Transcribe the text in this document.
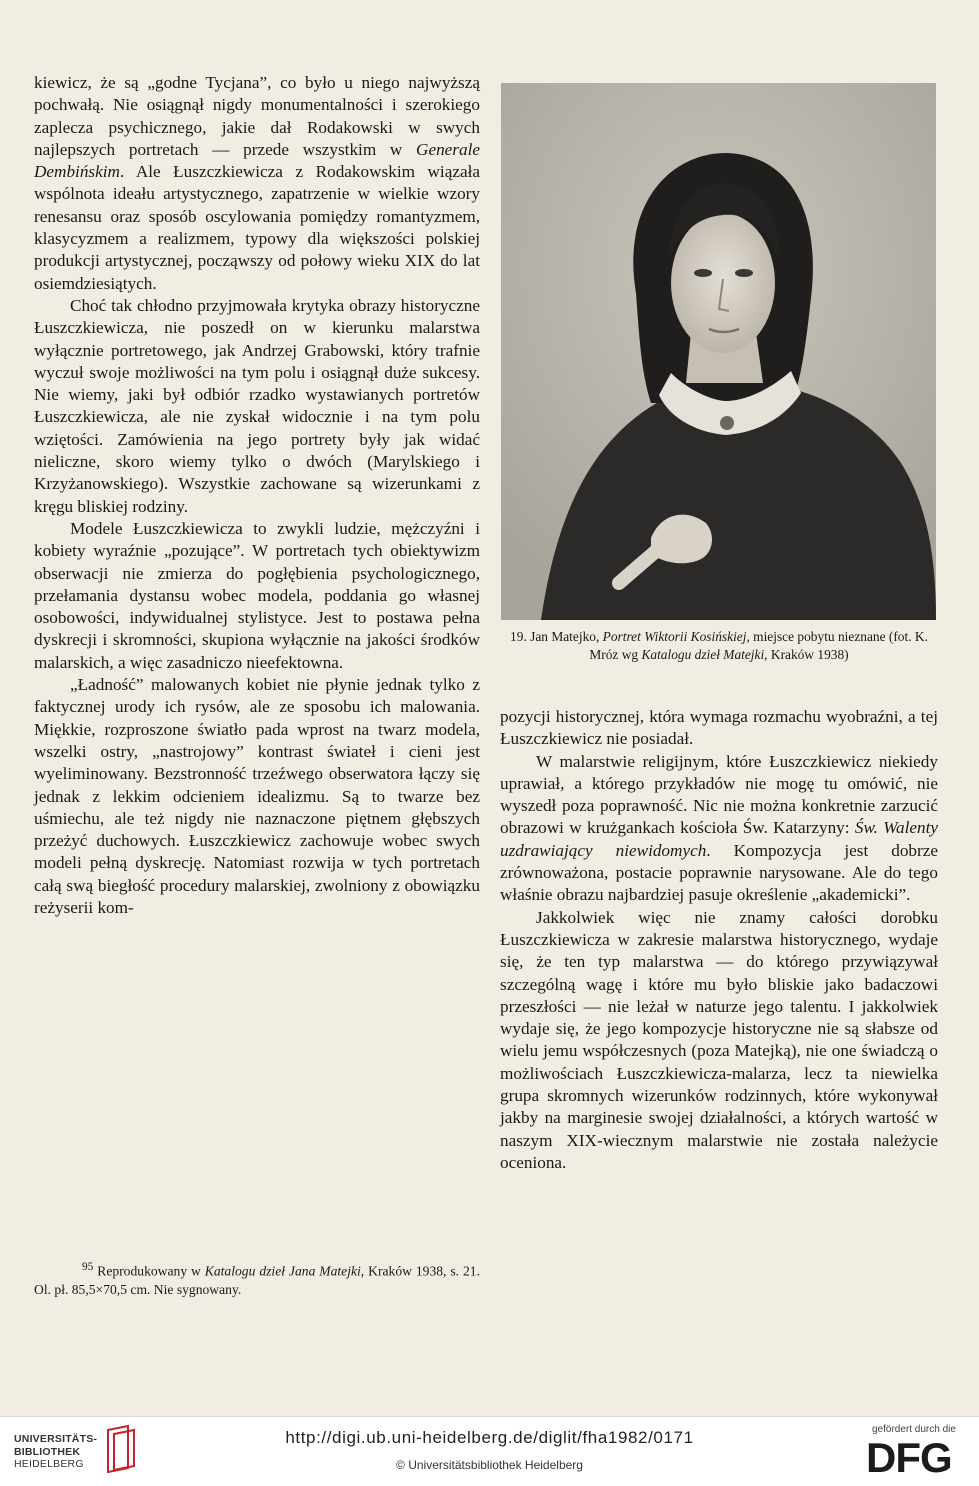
kiewicz, że są „godne Tycjana”, co było u niego najwyższą pochwałą. Nie osiągnął nigdy monumentalności i szerokiego zaplecza psychicznego, jakie dał Rodakowski w swych najlepszych portretach — przede wszystkim w Generale Dembińskim. Ale Łuszczkiewicza z Rodakowskim wiązała wspólnota ideału artystycznego, zapatrzenie w wielkie wzory renesansu oraz sposób oscylowania pomiędzy romantyzmem, klasycyzmem a realizmem, typowy dla większości polskiej produkcji artystycznej, począwszy od połowy wieku XIX do lat osiemdziesiątych.

Choć tak chłodno przyjmowała krytyka obrazy historyczne Łuszczkiewicza, nie poszedł on w kierunku malarstwa wyłącznie portretowego, jak Andrzej Grabowski, który trafnie wyczuł swoje możliwości na tym polu i osiągnął duże sukcesy. Nie wiemy, jaki był odbiór rzadko wystawianych portretów Łuszczkiewicza, ale nie zyskał widocznie i na tym polu wziętości. Zamówienia na jego portrety były jak widać nieliczne, skoro wiemy tylko o dwóch (Marylskiego i Krzyżanowskiego). Wszystkie zachowane są wizerunkami z kręgu bliskiej rodziny.

Modele Łuszczkiewicza to zwykli ludzie, mężczyźni i kobiety wyraźnie „pozujące”. W portretach tych obiektywizm obserwacji nie zmierza do pogłębienia psychologicznego, przełamania dystansu wobec modela, poddania go własnej osobowości, indywidualnej stylistyce. Jest to postawa pełna dyskrecji i skromności, skupiona wyłącznie na jakości środków malarskich, a więc zasadniczo nieefektowna.

„Ładność” malowanych kobiet nie płynie jednak tylko z faktycznej urody ich rysów, ale ze sposobu ich malowania. Miękkie, rozproszone światło pada wprost na twarz modela, wszelki ostry, „nastrojowy” kontrast świateł i cieni jest wyeliminowany. Bezstronność trzeźwego obserwatora łączy się jednak z lekkim odcieniem idealizmu. Są to twarze bez uśmiechu, ale też nigdy nie naznaczone piętnem głębszych przeżyć duchowych. Łuszczkiewicz zachowuje wobec swych modeli pełną dyskrecję. Natomiast rozwija w tych portretach całą swą biegłość procedury malarskiej, zwolniony z obowiązku reżyserii kom-

19. Jan Matejko, Portret Wiktorii Kosińskiej, miejsce pobytu nieznane (fot. K. Mróz wg Katalogu dzieł Matejki, Kraków 1938)

pozycji historycznej, która wymaga rozmachu wyobraźni, a tej Łuszczkiewicz nie posiadał.

W malarstwie religijnym, które Łuszczkiewicz niekiedy uprawiał, a którego przykładów nie mogę tu omówić, nie wyszedł poza poprawność. Nic nie można konkretnie zarzucić obrazowi w krużgankach kościoła Św. Katarzyny: Św. Walenty uzdrawiający niewidomych. Kompozycja jest dobrze zrównoważona, postacie poprawnie narysowane. Ale do tego właśnie obrazu najbardziej pasuje określenie „akademicki”.

Jakkolwiek więc nie znamy całości dorobku Łuszczkiewicza w zakresie malarstwa historycznego, wydaje się, że ten typ malarstwa — do którego przywiązywał szczególną wagę i które mu było bliskie jako badaczowi przeszłości — nie leżał w naturze jego talentu. I jakkolwiek wydaje się, że jego kompozycje historyczne nie są słabsze od wielu jemu współczesnych (poza Matejką), nie one świadczą o możliwościach Łuszczkiewicza-malarza, lecz ta niewielka grupa skromnych wizerunków rodzinnych, które wykonywał jakby na marginesie swojej działalności, a których wartość w naszym XIX-wiecznym malarstwie nie została należycie oceniona.

$^{95}$ Reprodukowany w Katalogu dzieł Jana Matejki, Kraków 1938, s. 21. Ol. pł. 85,5×70,5 cm. Nie sygnowany.

UNIVERSITÄTS-
BIBLIOTHEK
HEIDELBERG
http://digi.ub.uni-heidelberg.de/diglit/fha1982/0171
© Universitätsbibliothek Heidelberg
gefördert durch die
DFG
